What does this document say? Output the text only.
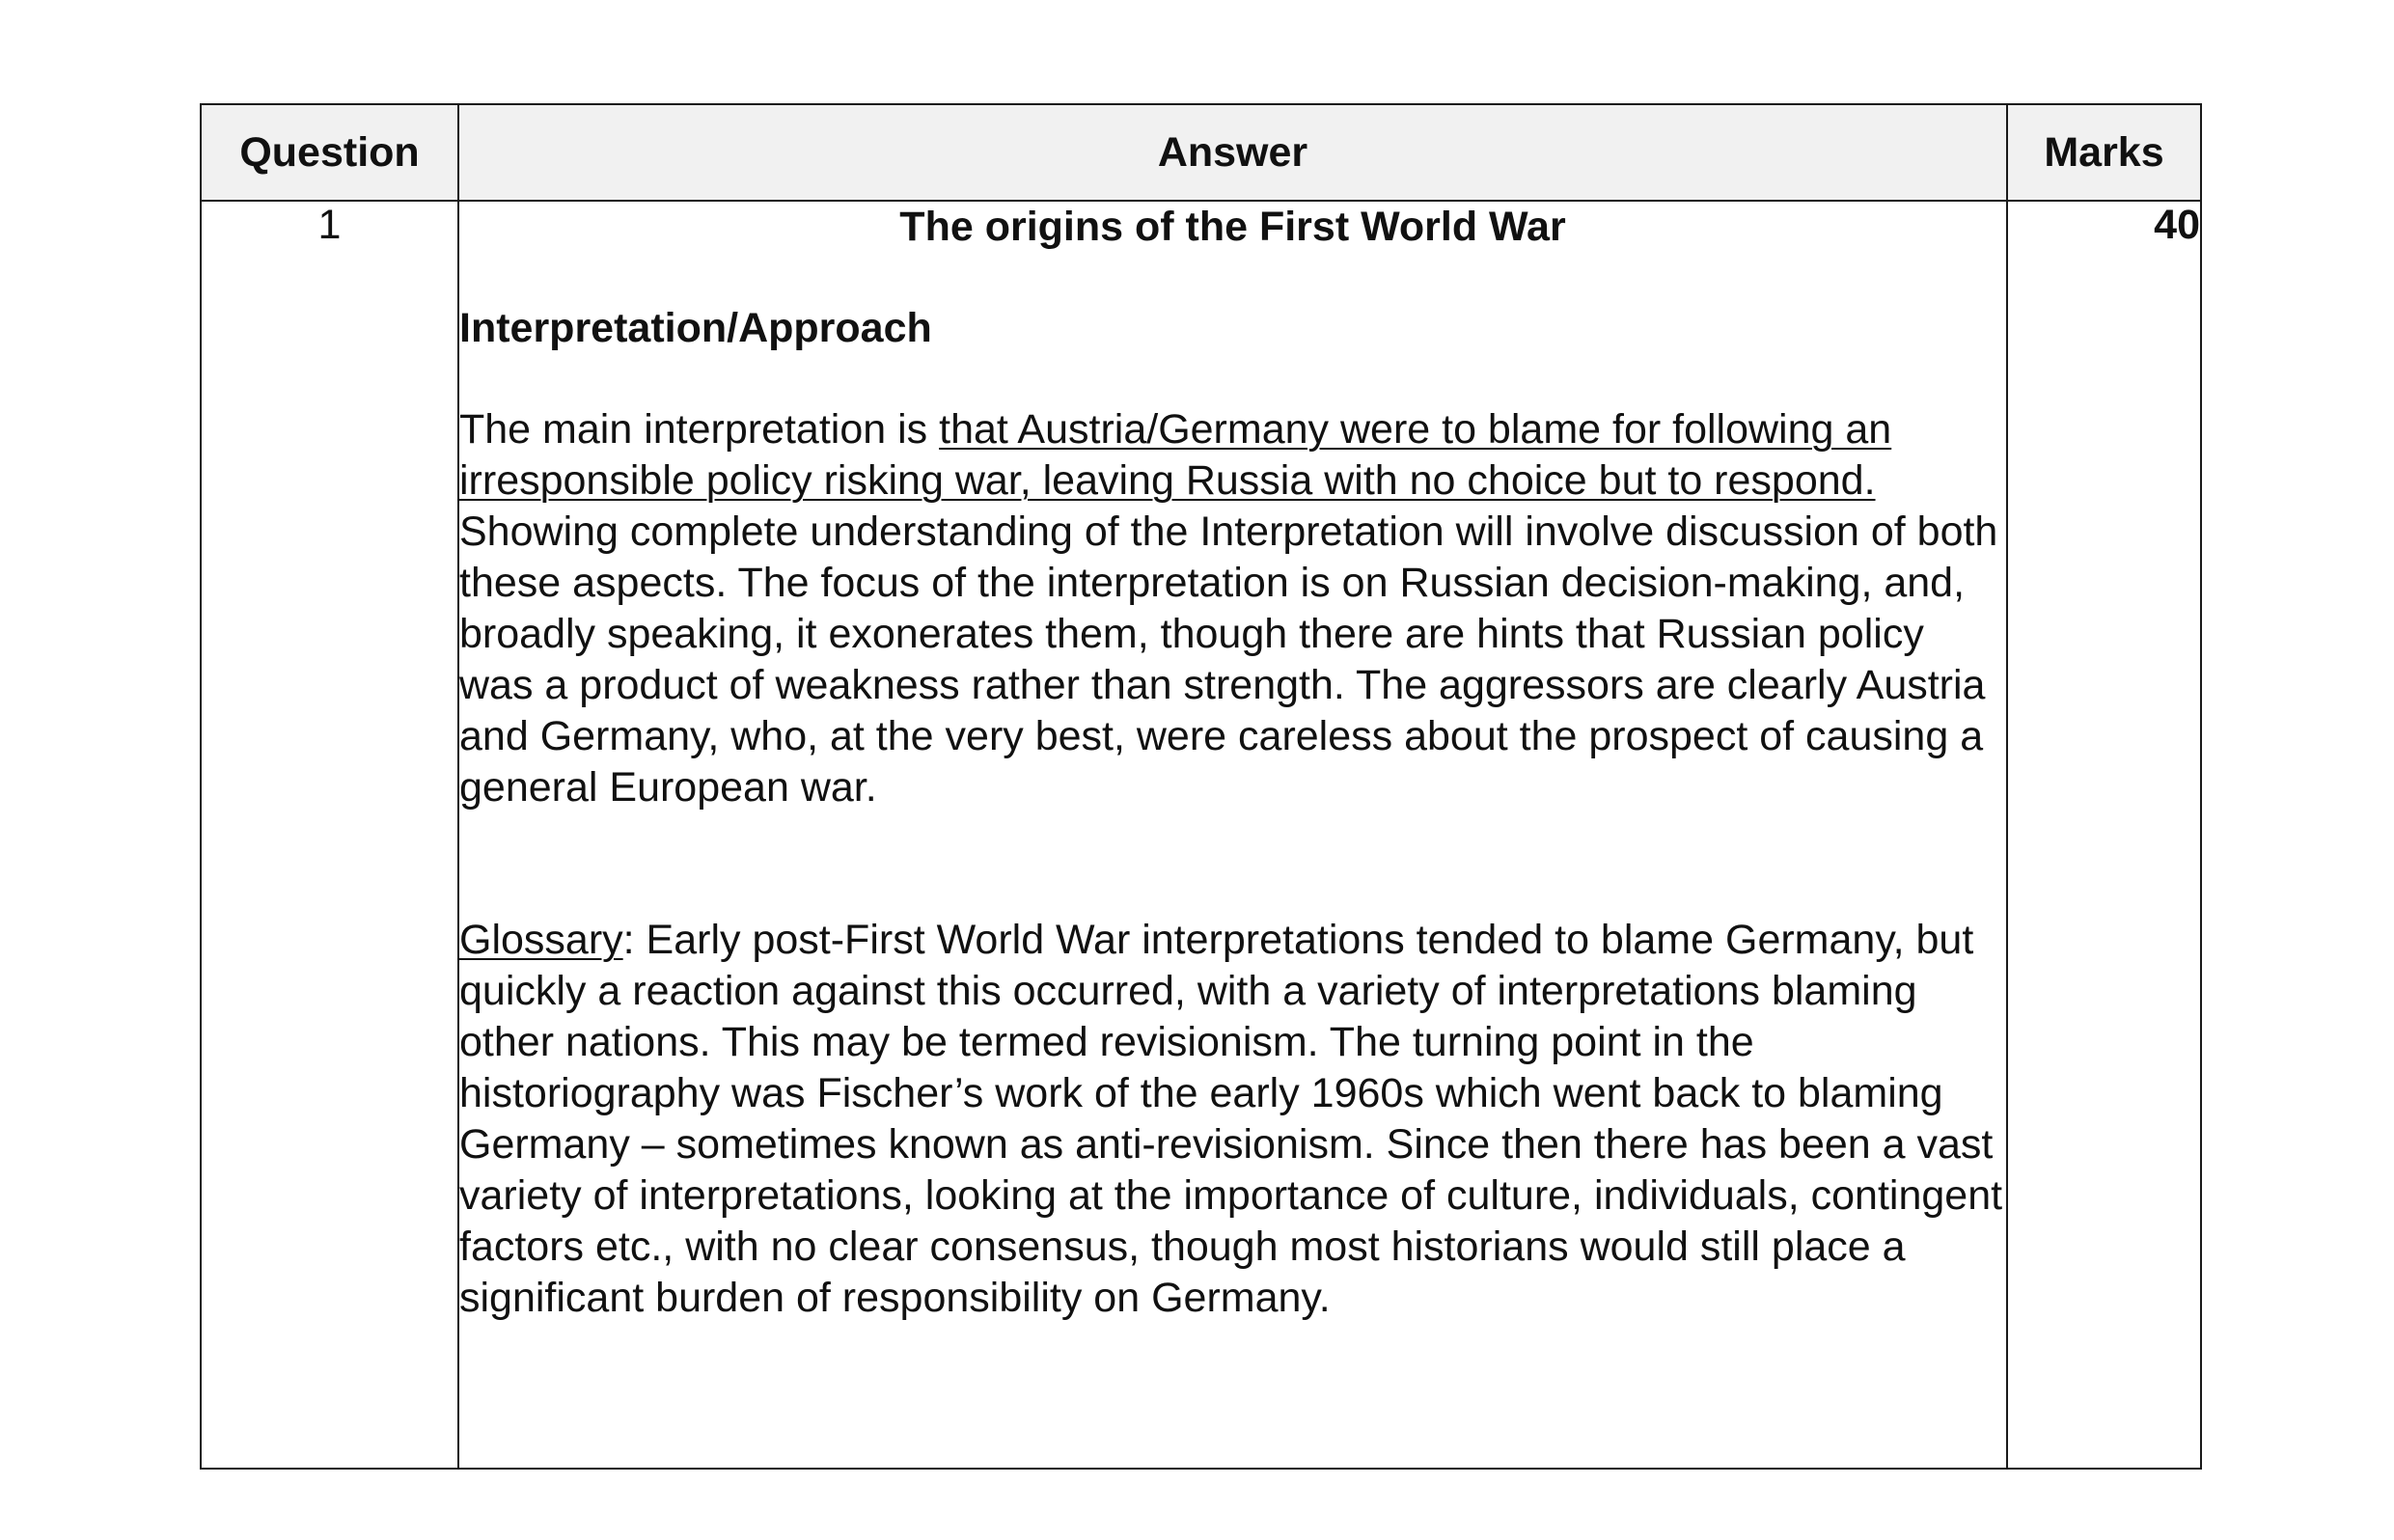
Question	Answer	Marks
1	The origins of the First World War

Interpretation/Approach

The main interpretation is that Austria/Germany were to blame for following an irresponsible policy risking war, leaving Russia with no choice but to respond. Showing complete understanding of the Interpretation will involve discussion of both these aspects. The focus of the interpretation is on Russian decision-making, and, broadly speaking, it exonerates them, though there are hints that Russian policy was a product of weakness rather than strength. The aggressors are clearly Austria and Germany, who, at the very best, were careless about the prospect of causing a general European war.

Glossary: Early post-First World War interpretations tended to blame Germany, but quickly a reaction against this occurred, with a variety of interpretations blaming other nations. This may be termed revisionism. The turning point in the historiography was Fischer’s work of the early 1960s which went back to blaming Germany – sometimes known as anti-revisionism. Since then there has been a vast variety of interpretations, looking at the importance of culture, individuals, contingent factors etc., with no clear consensus, though most historians would still place a significant burden of responsibility on Germany.	40
